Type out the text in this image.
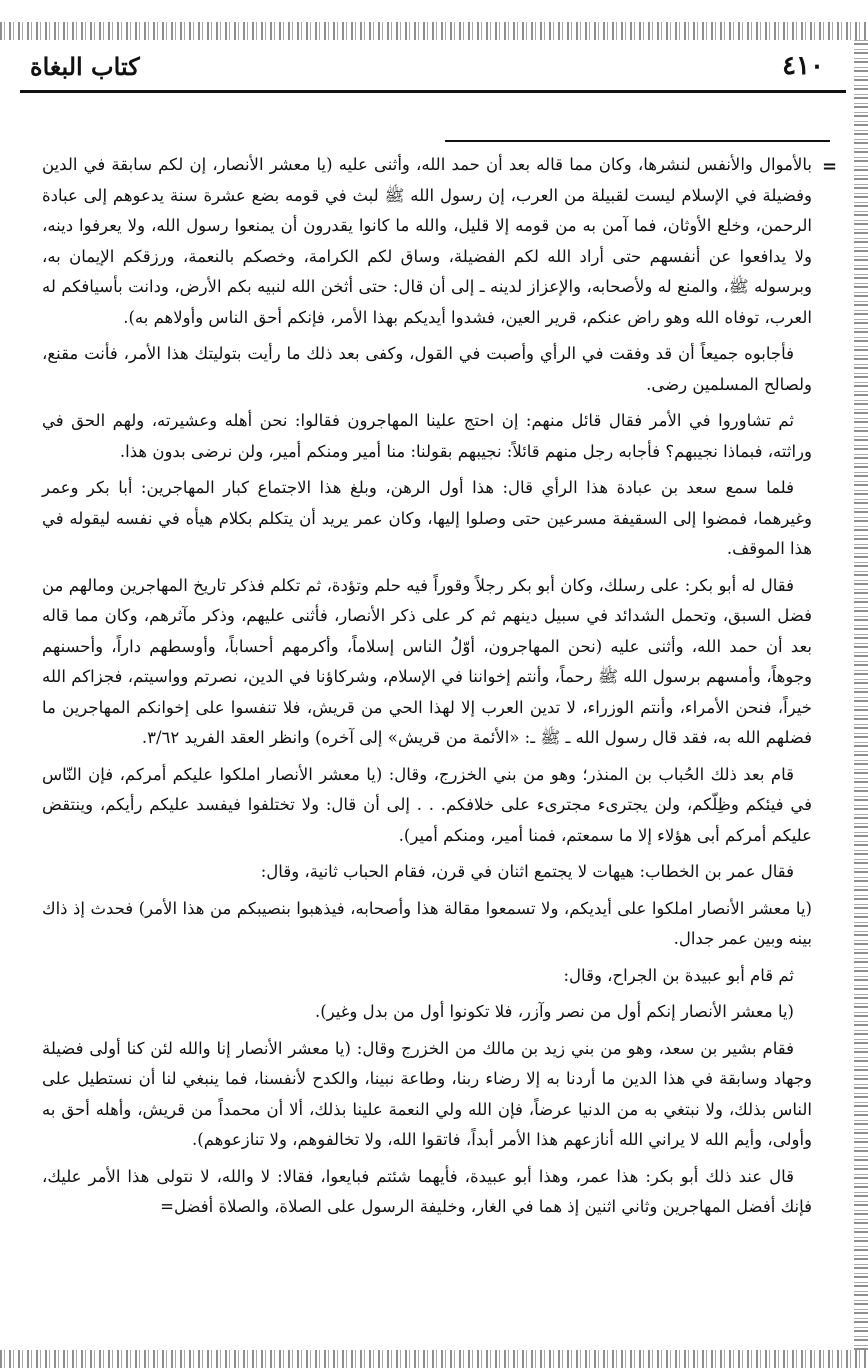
٤١٠
كتاب البغاة
=

بالأموال والأنفس لنشرها، وكان مما قاله بعد أن حمد الله، وأثنى عليه (يا معشر الأنصار، إن لكم سابقة في الدين وفضيلة في الإسلام ليست لقبيلة من العرب، إن رسول الله ﷺ لبث في قومه بضع عشرة سنة يدعوهم إلى عبادة الرحمن، وخلع الأوثان، فما آمن به من قومه إلا قليل، والله ما كانوا يقدرون أن يمنعوا رسول الله، ولا يعرفوا دينه، ولا يدافعوا عن أنفسهم حتى أراد الله لكم الفضيلة، وساق لكم الكرامة، وخصكم بالنعمة، ورزقكم الإيمان به، وبرسوله ﷺ، والمنع له ولأصحابه، والإعزاز لدينه ـ إلى أن قال: حتى أثخن الله لنبيه بكم الأرض، ودانت بأسيافكم له العرب، توفاه الله وهو راض عنكم، قرير العين، فشدوا أيديكم بهذا الأمر، فإنكم أحق الناس وأولاهم به).

فأجابوه جميعاً أن قد وفقت في الرأي وأصبت في القول، وكفى بعد ذلك ما رأيت بتوليتك هذا الأمر، فأنت مقنع، ولصالح المسلمين رضى.

ثم تشاوروا في الأمر فقال قائل منهم: إن احتج علينا المهاجرون فقالوا: نحن أهله وعشيرته، ولهم الحق في وراثته، فبماذا نجيبهم؟ فأجابه رجل منهم قائلاً: نجيبهم بقولنا: منا أمير ومنكم أمير، ولن نرضى بدون هذا.

فلما سمع سعد بن عبادة هذا الرأي قال: هذا أول الرهن، وبلغ هذا الاجتماع كبار المهاجرين: أبا بكر وعمر وغيرهما، فمضوا إلى السقيفة مسرعين حتى وصلوا إليها، وكان عمر يريد أن يتكلم بكلام هيأه في نفسه ليقوله في هذا الموقف.

فقال له أبو بكر: على رسلك، وكان أبو بكر رجلاً وقوراً فيه حلم وتؤدة، ثم تكلم فذكر تاريخ المهاجرين ومالهم من فضل السبق، وتحمل الشدائد في سبيل دينهم ثم كر على ذكر الأنصار، فأثنى عليهم، وذكر مآثرهم، وكان مما قاله بعد أن حمد الله، وأثنى عليه (نحن المهاجرون، أوّلُ الناس إسلاماً، وأكرمهم أحساباً، وأوسطهم داراً، وأحسنهم وجوهاً، وأمسهم برسول الله ﷺ رحماً، وأنتم إخواننا في الإسلام، وشركاؤنا في الدين، نصرتم وواسيتم، فجزاكم الله خيراً، فنحن الأمراء، وأنتم الوزراء، لا تدين العرب إلا لهذا الحي من قريش، فلا تنفسوا على إخوانكم المهاجرين ما فضلهم الله به، فقد قال رسول الله ـ ﷺ ـ: «الأئمة من قريش» إلى آخره) وانظر العقد الفريد ٣/٦٢.

قام بعد ذلك الحُباب بن المنذر؛ وهو من بني الخزرج، وقال: (يا معشر الأنصار املكوا عليكم أمركم، فإن النّاس في فيئكم وظِلّكم، ولن يجترىء مجترىء على خلافكم. . . إلى أن قال: ولا تختلفوا فيفسد عليكم رأيكم، وينتقض عليكم أمركم أبى هؤلاء إلا ما سمعتم، فمنا أمير، ومنكم أمير).

فقال عمر بن الخطاب: هيهات لا يجتمع اثنان في قرن، فقام الحباب ثانية، وقال:

(يا معشر الأنصار املكوا على أيديكم، ولا تسمعوا مقالة هذا وأصحابه، فيذهبوا بنصيبكم من هذا الأمر) فحدث إذ ذاك بينه وبين عمر جدال.

ثم قام أبو عبيدة بن الجراح، وقال:

(يا معشر الأنصار إنكم أول من نصر وآزر، فلا تكونوا أول من بدل وغير).

فقام بشير بن سعد، وهو من بني زيد بن مالك من الخزرج وقال: (يا معشر الأنصار إنا والله لئن كنا أولى فضيلة وجهاد وسابقة في هذا الدين ما أردنا به إلا رضاء ربنا، وطاعة نبينا، والكدح لأنفسنا، فما ينبغي لنا أن نستطيل على الناس بذلك، ولا نبتغي به من الدنيا عرضاً، فإن الله ولي النعمة علينا بذلك، ألا أن محمداً من قريش، وأهله أحق به وأولى، وأيم الله لا يراني الله أنازعهم هذا الأمر أبداً، فاتقوا الله، ولا تخالفوهم، ولا تنازعوهم).

قال عند ذلك أبو بكر: هذا عمر، وهذا أبو عبيدة، فأيهما شئتم فبايعوا، فقالا: لا والله، لا نتولى هذا الأمر عليك، فإنك أفضل المهاجرين وثاني اثنين إذ هما في الغار، وخليفة الرسول على الصلاة، والصلاة أفضل=
